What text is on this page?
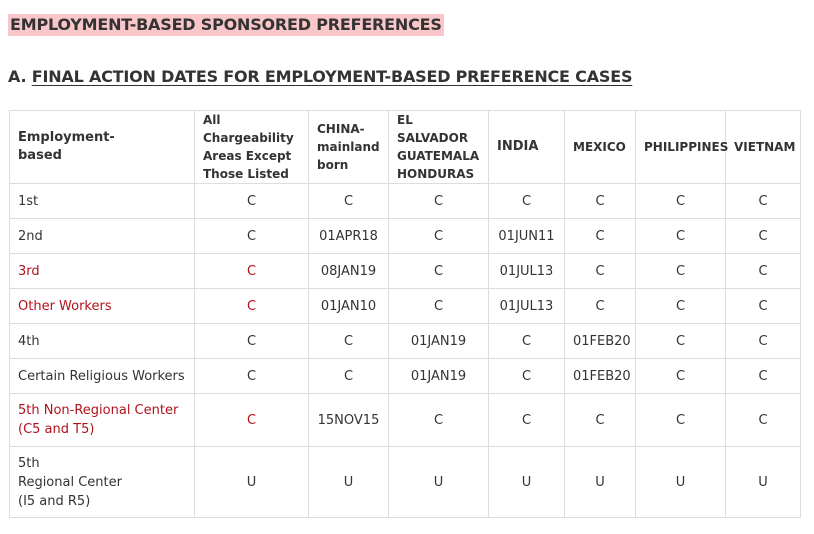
EMPLOYMENT-BASED SPONSORED PREFERENCES
A. FINAL ACTION DATES FOR EMPLOYMENT-BASED PREFERENCE CASES
Employment-
based	All Chargeability
Areas Except
Those Listed	CHINA-
mainland
born	EL SALVADOR
GUATEMALA
HONDURAS	INDIA	MEXICO	PHILIPPINES	VIETNAM
1st	C	C	C	C	C	C	C
2nd	C	01APR18	C	01JUN11	C	C	C
3rd	C	08JAN19	C	01JUL13	C	C	C
Other Workers	C	01JAN10	C	01JUL13	C	C	C
4th	C	C	01JAN19	C	01FEB20	C	C
Certain Religious Workers	C	C	01JAN19	C	01FEB20	C	C
5th Non-Regional Center
(C5 and T5)	C	15NOV15	C	C	C	C	C
5th
Regional Center
(I5 and R5)	U	U	U	U	U	U	U
